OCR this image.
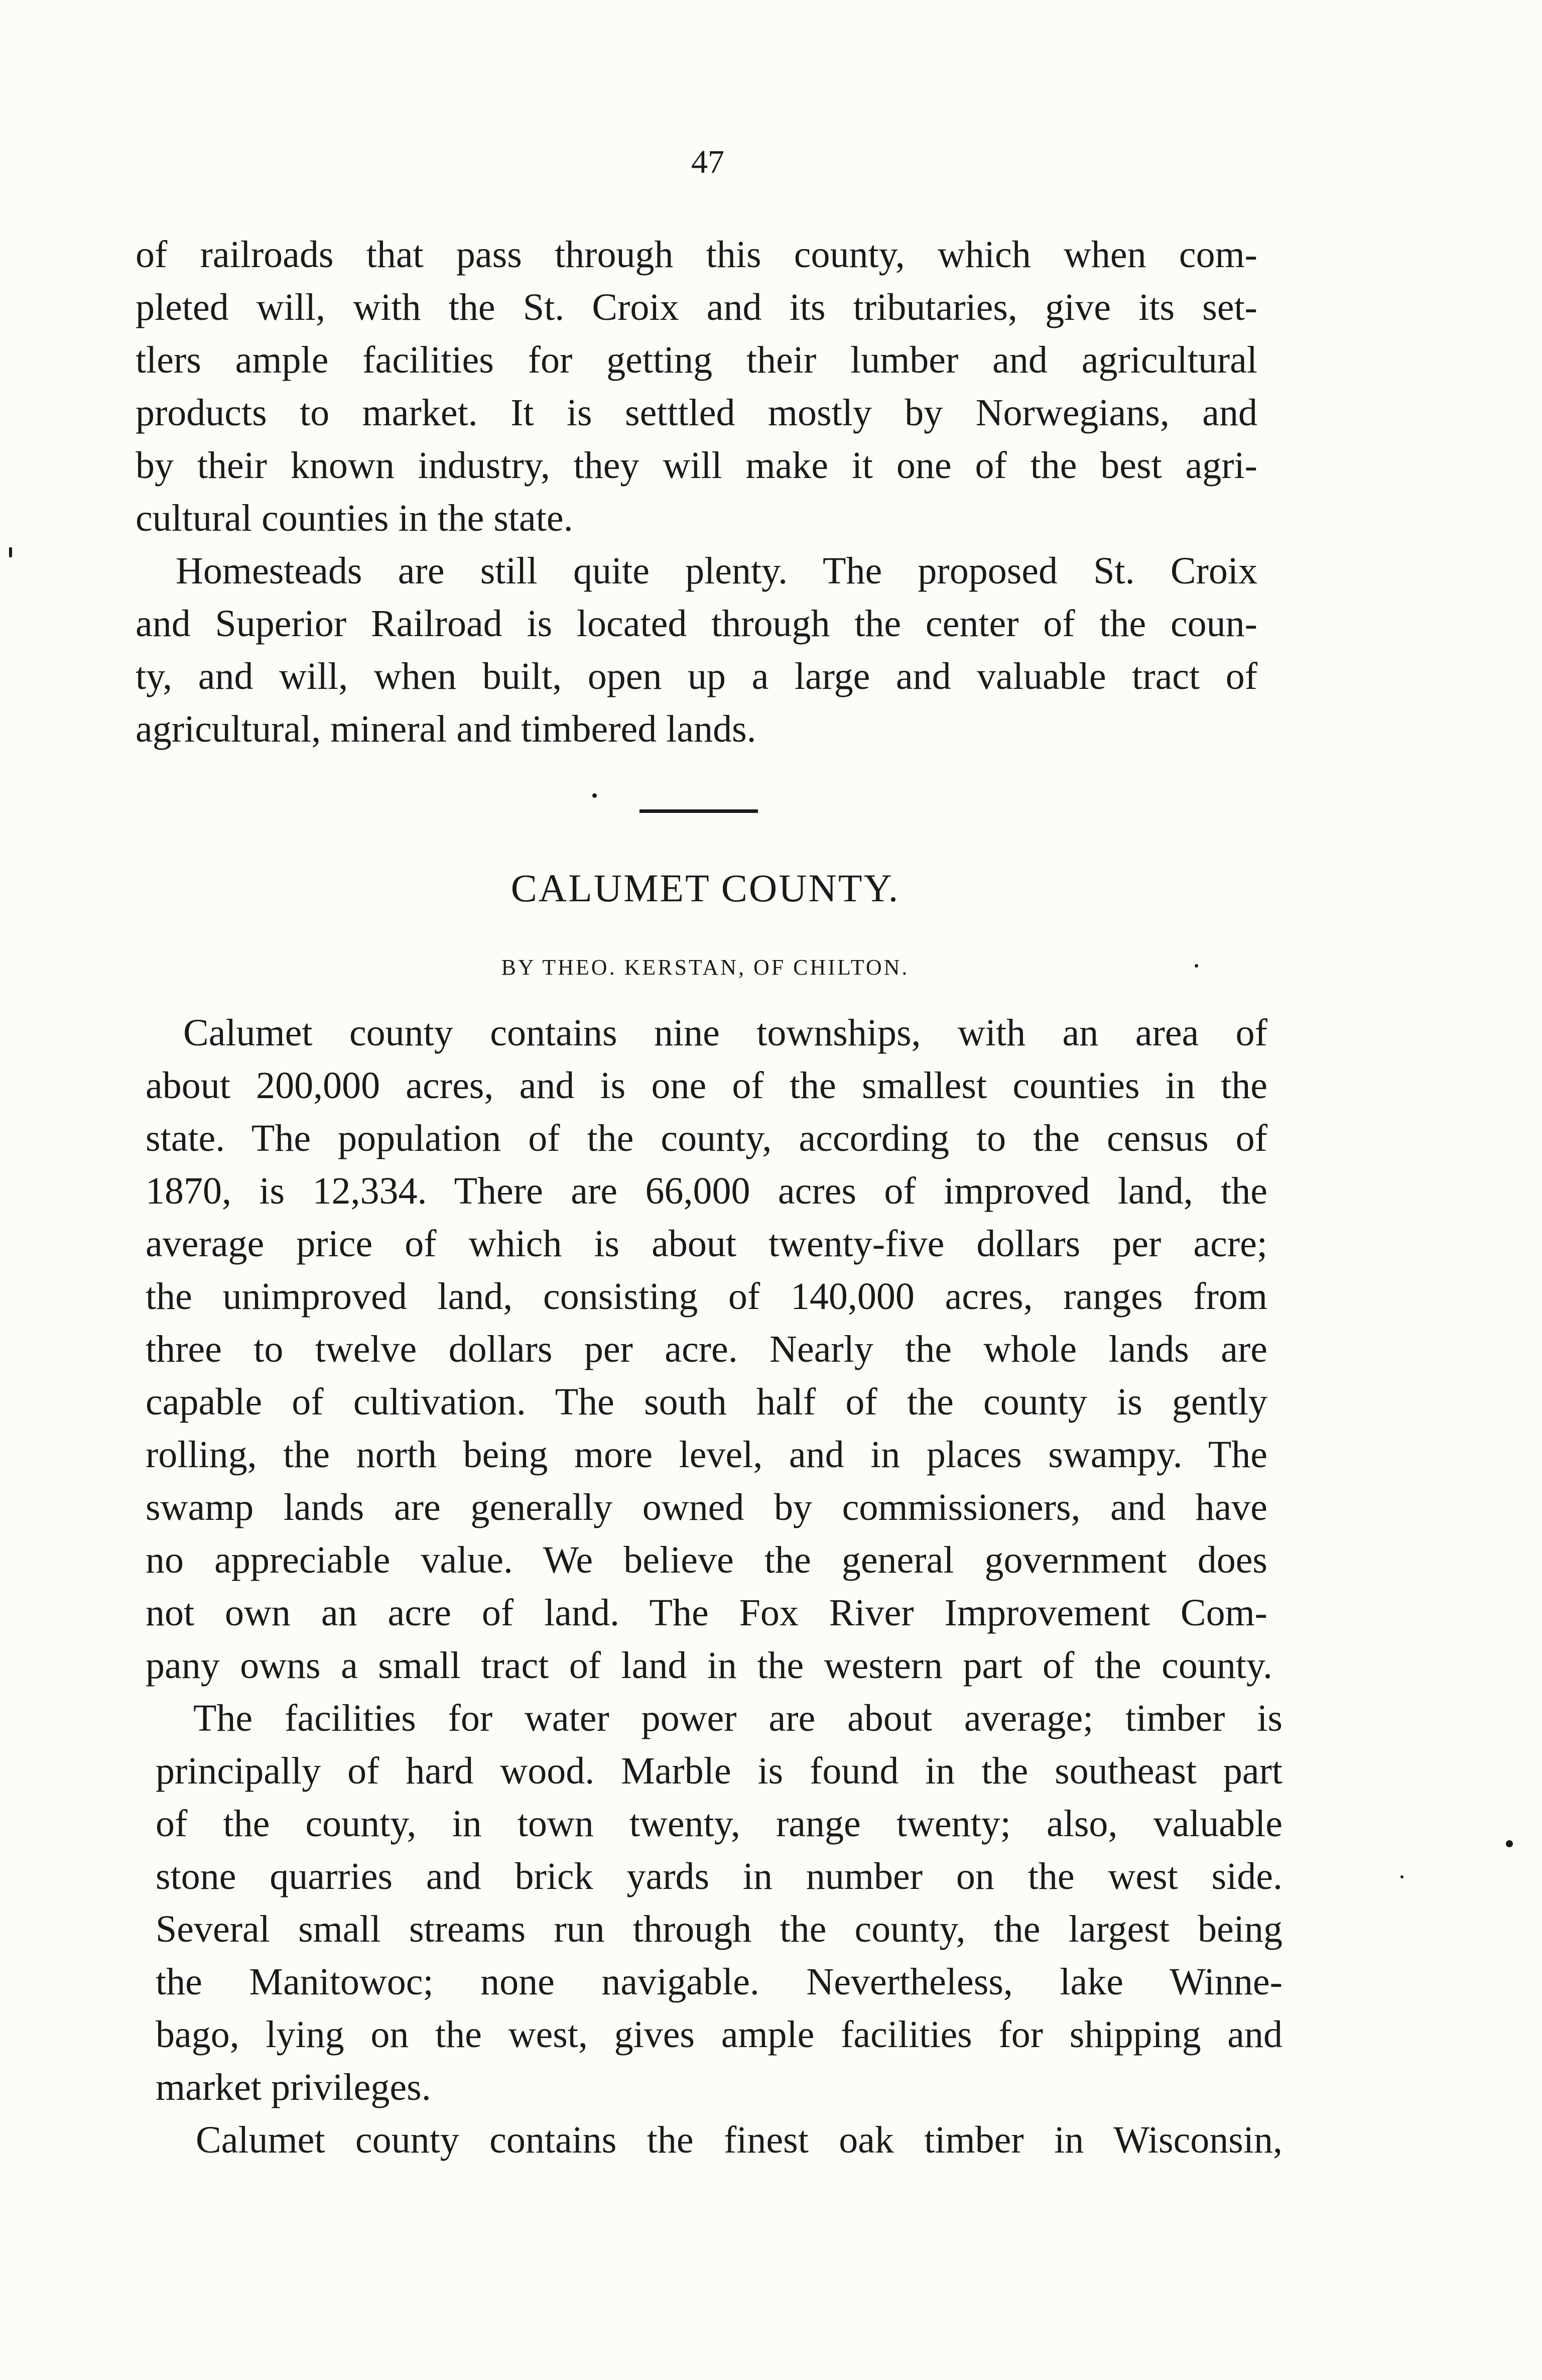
47
of railroads that pass through this county, which when com-
pleted will, with the St. Croix and its tributaries, give its set-
tlers ample facilities for getting their lumber and agricultural
products to market. It is setttled mostly by Norwegians, and
by their known industry, they will make it one of the best agri-
cultural counties in the state.
Homesteads are still quite plenty. The proposed St. Croix
and Superior Railroad is located through the center of the coun-
ty, and will, when built, open up a large and valuable tract of
agricultural, mineral and timbered lands.
CALUMET COUNTY.
BY THEO. KERSTAN, OF CHILTON.
Calumet county contains nine townships, with an area of
about 200,000 acres, and is one of the smallest counties in the
state. The population of the county, according to the census of
1870, is 12,334. There are 66,000 acres of improved land, the
average price of which is about twenty-five dollars per acre;
the unimproved land, consisting of 140,000 acres, ranges from
three to twelve dollars per acre. Nearly the whole lands are
capable of cultivation. The south half of the county is gently
rolling, the north being more level, and in places swampy. The
swamp lands are generally owned by commissioners, and have
no appreciable value. We believe the general government does
not own an acre of land. The Fox River Improvement Com-
pany owns a small tract of land in the western part of the county.
The facilities for water power are about average; timber is
principally of hard wood. Marble is found in the southeast part
of the county, in town twenty, range twenty; also, valuable
stone quarries and brick yards in number on the west side.
Several small streams run through the county, the largest being
the Manitowoc; none navigable. Nevertheless, lake Winne-
bago, lying on the west, gives ample facilities for shipping and
market privileges.
Calumet county contains the finest oak timber in Wisconsin,
